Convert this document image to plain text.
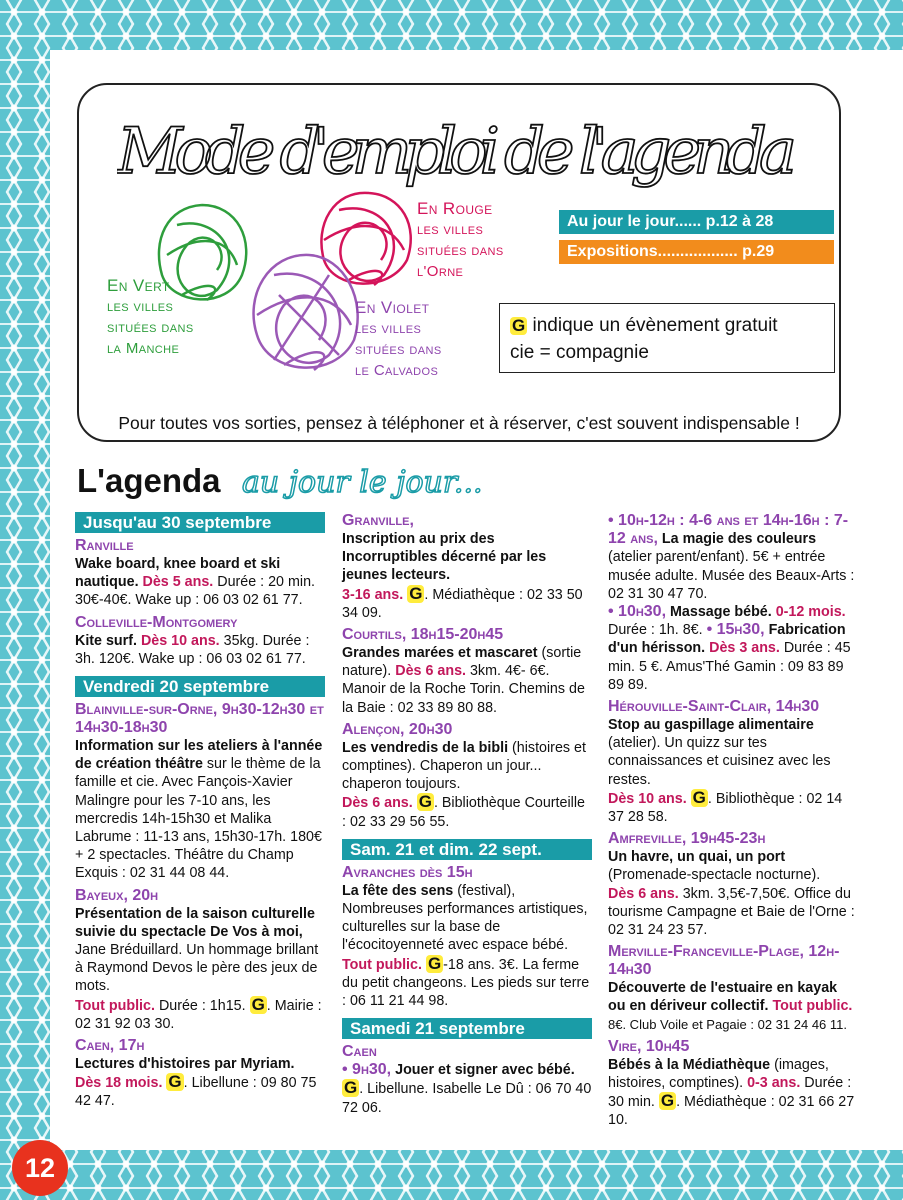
Mode d'emploi de l'agenda
En Vert
les villes
situées dans
la Manche
En Rouge
les villes
situées dans
l'Orne
En Violet
les villes
situées dans
le Calvados
Au jour le jour...... p.12 à 28
Expositions.................. p.29
G indique un évènement gratuit
cie = compagnie
Pour toutes vos sorties, pensez à téléphoner et à réserver, c'est souvent indispensable !
L'agenda au jour le jour...
Jusqu'au 30 septembre
Ranville
Wake board, knee board et ski nautique. Dès 5 ans. Durée : 20 min. 30€-40€. Wake up : 06 03 02 61 77.
Colleville-Montgomery
Kite surf. Dès 10 ans. 35kg. Durée : 3h. 120€. Wake up : 06 03 02 61 77.
Vendredi 20 septembre
Blainville-sur-Orne, 9h30-12h30 et 14h30-18h30
Information sur les ateliers à l'année de création théâtre sur le thème de la famille et cie. Avec Fançois-Xavier Malingre pour les 7-10 ans, les mercredis 14h-15h30 et Malika Labrume : 11-13 ans, 15h30-17h. 180€ + 2 spectacles. Théâtre du Champ Exquis : 02 31 44 08 44.
Bayeux, 20h
Présentation de la saison culturelle suivie du spectacle De Vos à moi, Jane Bréduillard. Un hommage brillant à Raymond Devos le père des jeux de mots.
Tout public. Durée : 1h15. G . Mairie : 02 31 92 03 30.
Caen, 17h
Lectures d'histoires par Myriam.
Dès 18 mois. G . Libellune : 09 80 75 42 47.
Granville,
Inscription au prix des Incorruptibles décerné par les jeunes lecteurs.
3-16 ans. G . Médiathèque : 02 33 50 34 09.
Courtils, 18h15-20h45
Grandes marées et mascaret (sortie nature). Dès 6 ans. 3km. 4€- 6€. Manoir de la Roche Torin. Chemins de la Baie : 02 33 89 80 88.
Alençon, 20h30
Les vendredis de la bibli (histoires et comptines). Chaperon un jour... chaperon toujours.
Dès 6 ans. G . Bibliothèque Courteille : 02 33 29 56 55.
Sam. 21 et dim. 22 sept.
Avranches dès 15h
La fête des sens (festival), Nombreuses performances artistiques, culturelles sur la base de l'écocitoyenneté avec espace bébé.
Tout public. G -18 ans. 3€. La ferme du petit changeons. Les pieds sur terre : 06 11 21 44 98.
Samedi 21 septembre
Caen
• 9h30, Jouer et signer avec bébé. G . Libellune. Isabelle Le Dû : 06 70 40 72 06.
• 10h-12h : 4-6 ans et 14h-16h : 7-12 ans, La magie des couleurs (atelier parent/enfant). 5€ + entrée musée adulte. Musée des Beaux-Arts : 02 31 30 47 70.
• 10h30, Massage bébé. 0-12 mois. Durée : 1h. 8€. • 15h30, Fabrication d'un hérisson. Dès 3 ans. Durée : 45 min. 5 €. Amus'Thé Gamin : 09 83 89 89 89.
Hérouville-Saint-Clair, 14h30
Stop au gaspillage alimentaire (atelier). Un quizz sur tes connaissances et cuisinez avec les restes.
Dès 10 ans. G . Bibliothèque : 02 14 37 28 58.
Amfreville, 19h45-23h
Un havre, un quai, un port (Promenade-spectacle nocturne).
Dès 6 ans. 3km. 3,5€-7,50€. Office du tourisme Campagne et Baie de l'Orne : 02 31 24 23 57.
Merville-Franceville-Plage, 12h-14h30
Découverte de l'estuaire en kayak ou en dériveur collectif. Tout public. 8€. Club Voile et Pagaie : 02 31 24 46 11.
Vire, 10h45
Bébés à la Médiathèque (images, histoires, comptines). 0-3 ans. Durée : 30 min. G . Médiathèque : 02 31 66 27 10.
12
